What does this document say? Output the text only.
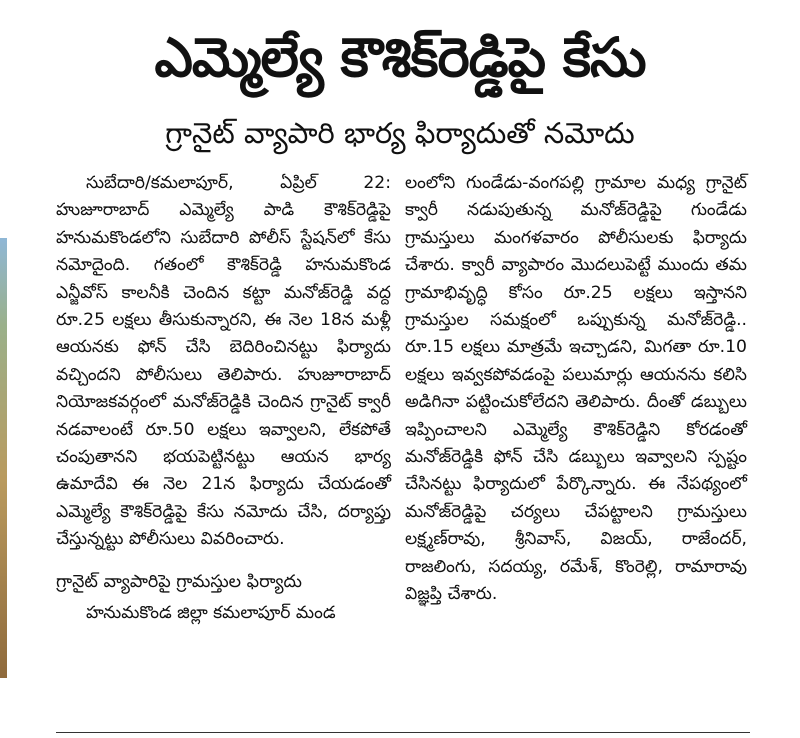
ఎమ్మెల్యే కౌశిక్‌రెడ్డిపై కేసు
గ్రానైట్ వ్యాపారి భార్య ఫిర్యాదుతో నమోదు

సుబేదారి/కమలాపూర్, ఏప్రిల్ 22: హుజూరాబాద్ ఎమ్మెల్యే పాడి కౌశిక్‌రెడ్డిపై హనుమకొండలోని సుబేదారి పోలీస్ స్టేషన్‌లో కేసు నమోదైంది. గతంలో కౌశిక్‌రెడ్డి హనుమకొండ ఎన్జీవోస్ కాలనీకి చెందిన కట్టా మనోజ్‌రెడ్డి వద్ద రూ.25 లక్షలు తీసుకున్నారని, ఈ నెల 18న మళ్లీ ఆయనకు ఫోన్ చేసి బెదిరించినట్టు ఫిర్యాదు వచ్చిందని పోలీసులు తెలిపారు. హుజూరాబాద్ నియోజకవర్గంలో మనోజ్‌రెడ్డికి చెందిన గ్రానైట్ క్వారీ నడవాలంటే రూ.50 లక్షలు ఇవ్వాలని, లేకపోతే చంపుతానని భయపెట్టినట్టు ఆయన భార్య ఉమాదేవి ఈ నెల 21న ఫిర్యాదు చేయడంతో ఎమ్మెల్యే కౌశిక్‌రెడ్డిపై కేసు నమోదు చేసి, దర్యాప్తు చేస్తున్నట్టు పోలీసులు వివరించారు.

గ్రానైట్ వ్యాపారిపై గ్రామస్తుల ఫిర్యాదు

హనుమకొండ జిల్లా కమలాపూర్ మండ

లంలోని గుండేడు-వంగపల్లి గ్రామాల మధ్య గ్రానైట్ క్వారీ నడుపుతున్న మనోజ్‌రెడ్డిపై గుండేడు గ్రామస్తులు మంగళవారం పోలీసులకు ఫిర్యాదు చేశారు. క్వారీ వ్యాపారం మొదలుపెట్టే ముందు తమ గ్రామాభివృద్ధి కోసం రూ.25 లక్షలు ఇస్తానని గ్రామస్తుల సమక్షంలో ఒప్పుకున్న మనోజ్‌రెడ్డి.. రూ.15 లక్షలు మాత్రమే ఇచ్చాడని, మిగతా రూ.10 లక్షలు ఇవ్వకపోవడంపై పలుమార్లు ఆయనను కలిసి అడిగినా పట్టించుకోలేదని తెలిపారు. దీంతో డబ్బులు ఇప్పించాలని ఎమ్మెల్యే కౌశిక్‌రెడ్డిని కోరడంతో మనోజ్‌రెడ్డికి ఫోన్ చేసి డబ్బులు ఇవ్వాలని స్పష్టం చేసినట్టు ఫిర్యాదులో పేర్కొన్నారు. ఈ నేపథ్యంలో మనోజ్‌రెడ్డిపై చర్యలు చేపట్టాలని గ్రామస్తులు లక్ష్మణ్‌రావు, శ్రీనివాస్, విజయ్, రాజేందర్, రాజలింగు, సదయ్య, రమేశ్, కొంరెల్లి, రామారావు విజ్ఞప్తి చేశారు.
